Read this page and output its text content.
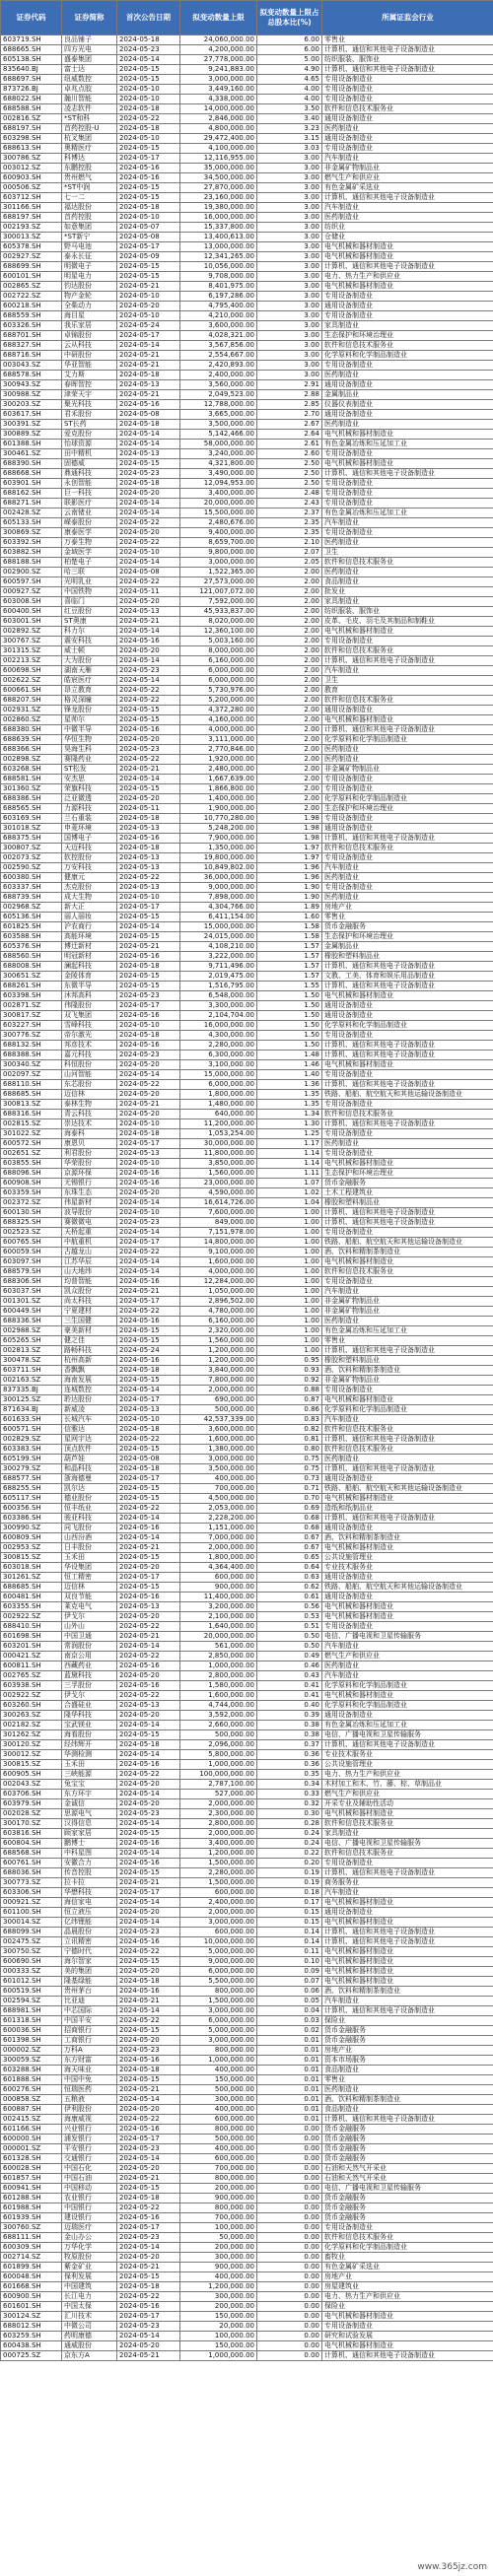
证券代码	证券简称	首次公告日期	拟变动数量上限	拟变动数量上限占总股本比(%)	所属证监会行业
603719.SH	良品铺子	2024-05-18	24,060,000.00	6.00	零售业
688665.SH	四方光电	2024-05-23	4,200,000.00	6.00	计算机、通信和其他电子设备制造业
605138.SH	盛泰集团	2024-05-14	27,778,000.00	5.00	纺织服装、服饰业
835640.BJ	富士达	2024-05-15	9,241,883.00	4.90	计算机、通信和其他电子设备制造业
688697.SH	纽威数控	2024-05-15	3,000,000.00	4.65	专用设备制造业
873726.BJ	卓兆点胶	2024-05-10	3,449,160.00	4.00	专用设备制造业
688022.SH	瀚川智能	2024-05-10	4,338,000.00	4.00	专用设备制造业
688588.SH	凌志软件	2024-05-18	14,000,000.00	3.50	软件和信息技术服务业
002816.SZ	*ST和科	2024-05-22	2,846,000.00	3.40	通用设备制造业
688197.SH	首药控股-U	2024-05-18	4,800,000.00	3.23	医药制造业
603298.SH	杭叉集团	2024-05-10	29,472,400.00	3.15	通用设备制造业
688613.SH	奥精医疗	2024-05-15	4,100,000.00	3.03	专用设备制造业
300786.SZ	科博达	2024-05-17	12,116,955.00	3.00	汽车制造业
003012.SZ	东鹏控股	2024-05-16	35,000,000.00	3.00	非金属矿物制品业
600903.SH	贵州燃气	2024-05-16	34,500,000.00	3.00	燃气生产和供应业
000506.SZ	*ST中润	2024-05-15	27,870,000.00	3.00	有色金属矿采选业
603712.SH	七一二	2024-05-15	23,160,000.00	3.00	计算机、通信和其他电子设备制造业
301166.SH	福达股份	2024-05-18	19,380,000.00	3.00	汽车制造业
688197.SH	首药控股	2024-05-10	16,000,000.00	3.00	医药制造业
002193.SZ	如意集团	2024-05-07	15,337,800.00	3.00	纺织业
300013.SZ	*ST新宁	2024-05-08	13,400,613.00	3.00	仓储业
605378.SH	野马电池	2024-05-17	13,000,000.00	3.00	电气机械和器材制造业
002927.SZ	泰永长征	2024-05-09	12,341,265.00	3.00	电气机械和器材制造业
688699.SH	明微电子	2024-05-15	10,056,000.00	3.00	计算机、通信和其他电子设备制造业
600101.SH	明星电力	2024-05-15	9,708,000.00	3.00	电力、热力生产和供应业
002865.SZ	钧达股份	2024-05-21	8,401,975.00	3.00	电气机械和器材制造业
002722.SZ	物产金轮	2024-05-10	6,197,286.00	3.00	专用设备制造业
600218.SH	全柴动力	2024-05-20	4,795,400.00	3.00	通用设备制造业
688559.SH	海目星	2024-05-10	4,210,000.00	3.00	专用设备制造业
603326.SH	我乐家居	2024-05-24	3,600,000.00	3.00	家具制造业
688701.SH	卓锦股份	2024-05-17	4,028,321.00	3.00	生态保护和环境治理业
688327.SH	云从科技	2024-05-14	3,567,856.00	3.00	软件和信息技术服务业
688716.SH	中研股份	2024-05-21	2,554,667.00	3.00	化学原料和化学制品制造业
003043.SZ	华亚智能	2024-05-21	2,420,893.00	3.00	专用设备制造业
688578.SH	艾力斯	2024-05-18	2,400,000.00	3.00	医药制造业
300943.SZ	春晖智控	2024-05-13	3,560,000.00	2.91	通用设备制造业
300988.SZ	津荣天宇	2024-05-21	2,049,523.00	2.88	金属制品业
300203.SZ	聚光科技	2024-05-16	12,788,000.00	2.85	仪器仪表制造业
603617.SH	君禾股份	2024-05-08	3,665,000.00	2.70	通用设备制造业
300391.SZ	ST长药	2024-05-18	3,500,000.00	2.67	医药制造业
300889.SZ	爱克股份	2024-05-14	5,142,466.00	2.64	电气机械和器材制造业
601388.SH	怡球资源	2024-05-14	58,000,000.00	2.61	有色金属冶炼和压延加工业
300461.SZ	田中精机	2024-05-13	3,240,000.00	2.60	专用设备制造业
688390.SH	固德威	2024-05-15	4,321,800.00	2.50	电气机械和器材制造业
688668.SH	鼎通科技	2024-05-23	3,490,000.00	2.50	计算机、通信和其他电子设备制造业
603901.SH	永创智能	2024-05-18	12,094,953.00	2.50	专用设备制造业
688162.SH	巨一科技	2024-05-20	3,400,000.00	2.48	专用设备制造业
688271.SH	联影医疗	2024-05-14	20,000,000.00	2.43	专用设备制造业
002428.SZ	云南锗业	2024-05-14	15,500,000.00	2.37	有色金属冶炼和压延加工业
605133.SH	嵘泰股份	2024-05-22	2,480,676.00	2.35	汽车制造业
300869.SZ	康泰医学	2024-05-20	9,400,000.00	2.35	专用设备制造业
603392.SH	万泰生物	2024-05-22	8,659,700.00	2.10	医药制造业
603882.SH	金域医学	2024-05-10	9,800,000.00	2.07	卫生
688188.SH	柏楚电子	2024-05-14	3,000,000.00	2.05	软件和信息技术服务业
002900.SZ	哈三联	2024-05-08	1,522,365.00	2.00	医药制造业
600597.SH	光明乳业	2024-05-22	27,573,000.00	2.00	食品制造业
000927.SZ	中国铁物	2024-05-11	121,007,072.00	2.00	批发业
603008.SH	喜临门	2024-05-20	7,592,000.00	2.00	家具制造业
600400.SH	红豆股份	2024-05-13	45,933,837.00	2.00	纺织服装、服饰业
603001.SH	ST奥康	2024-05-21	8,020,000.00	2.00	皮革、毛皮、羽毛及其制品和制鞋业
002892.SZ	科力尔	2024-05-14	12,360,100.00	2.00	电气机械和器材制造业
300767.SZ	震安科技	2024-05-16	5,003,160.00	2.00	专用设备制造业
301315.SZ	威士顿	2024-05-20	8,000,000.00	2.00	软件和信息技术服务业
002213.SZ	大为股份	2024-05-14	6,160,000.00	2.00	计算机、通信和其他电子设备制造业
600698.SH	湖南天雁	2024-05-23	6,000,000.00	2.00	汽车制造业
002622.SZ	皓宸医疗	2024-05-14	6,000,000.00	2.00	卫生
600661.SH	昂立教育	2024-05-22	5,730,976.00	2.00	教育
688207.SH	格灵深瞳	2024-05-22	5,200,000.00	2.00	软件和信息技术服务业
002931.SZ	锋龙股份	2024-05-15	4,372,280.00	2.00	通用设备制造业
002860.SZ	星帅尔	2024-05-15	4,160,000.00	2.00	电气机械和器材制造业
688380.SH	中微半导	2024-05-16	4,000,000.00	2.00	计算机、通信和其他电子设备制造业
688639.SH	华恒生物	2024-05-20	3,111,000.00	2.00	化学原料和化学制品制造业
688366.SH	昊海生科	2024-05-23	2,770,846.00	2.00	医药制造业
002898.SZ	赛隆药业	2024-05-22	1,920,000.00	2.00	医药制造业
603268.SH	ST松发	2024-05-21	2,480,000.00	2.00	非金属矿物制品业
688581.SH	安杰思	2024-05-14	1,667,639.00	2.00	专用设备制造业
301360.SZ	荣旗科技	2024-05-15	1,866,800.00	2.00	专用设备制造业
688386.SH	泛亚微透	2024-05-20	1,400,000.00	2.00	化学原料和化学制品制造业
688565.SH	力源科技	2024-05-11	1,900,000.00	2.00	生态保护和环境治理业
603169.SH	兰石重装	2024-05-18	10,770,280.00	1.98	专用设备制造业
301018.SZ	申菱环境	2024-05-13	5,248,200.00	1.98	通用设备制造业
688375.SH	国博电子	2024-05-16	7,900,000.00	1.98	计算机、通信和其他电子设备制造业
300807.SZ	天迈科技	2024-05-18	1,350,000.00	1.97	软件和信息技术服务业
002073.SZ	软控股份	2024-05-13	19,800,000.00	1.97	专用设备制造业
002590.SZ	万安科技	2024-05-13	10,849,802.00	1.96	汽车制造业
600380.SH	健康元	2024-05-22	36,000,000.00	1.96	医药制造业
603337.SH	杰克股份	2024-05-13	9,000,000.00	1.90	专用设备制造业
688739.SH	成大生物	2024-05-10	7,898,000.00	1.90	医药制造业
002968.SZ	新大正	2024-05-17	4,304,766.00	1.89	房地产业
605136.SH	丽人丽妆	2024-05-15	6,411,154.00	1.60	零售业
601825.SH	沪农商行	2024-05-14	15,000,000.00	1.58	货币金融服务
603588.SH	高能环境	2024-05-15	24,015,000.00	1.58	生态保护和环境治理业
605376.SH	博迁新材	2024-05-21	4,108,210.00	1.57	金属制品业
688560.SH	明冠新材	2024-05-16	3,222,000.00	1.57	橡胶和塑料制品业
688008.SH	澜起科技	2024-05-18	9,711,496.00	1.57	计算机、通信和其他电子设备制造业
300651.SZ	金陵体育	2024-05-15	2,019,475.00	1.57	文教、工美、体育和娱乐用品制造业
688261.SH	东微半导	2024-05-15	1,516,795.00	1.55	计算机、通信和其他电子设备制造业
603398.SH	沐邦高科	2024-05-23	6,548,000.00	1.50	电气机械和器材制造业
002871.SZ	伟隆股份	2024-05-17	3,300,000.00	1.50	通用设备制造业
300817.SZ	双飞集团	2024-05-16	2,104,704.00	1.50	通用设备制造业
603227.SH	雪峰科技	2024-05-10	16,000,000.00	1.50	化学原料和化学制品制造业
300776.SZ	帝尔激光	2024-05-18	4,300,000.00	1.50	专用设备制造业
688132.SH	邦彦技术	2024-05-16	2,280,000.00	1.50	计算机、通信和其他电子设备制造业
688388.SH	嘉元科技	2024-05-23	6,300,000.00	1.48	计算机、通信和其他电子设备制造业
300340.SZ	科恒股份	2024-05-20	3,100,000.00	1.46	电气机械和器材制造业
002097.SZ	山河智能	2024-05-14	15,000,000.00	1.40	专用设备制造业
688110.SH	东芯股份	2024-05-22	6,000,000.00	1.36	计算机、通信和其他电子设备制造业
688685.SH	迈信林	2024-05-20	1,800,000.00	1.35	铁路、船舶、航空航天和其他运输设备制造业
300813.SZ	泰林生物	2024-05-21	1,480,000.00	1.35	专用设备制造业
688316.SH	青云科技	2024-05-20	640,000.00	1.34	软件和信息技术服务业
002815.SZ	崇达技术	2024-05-10	11,200,000.00	1.30	计算机、通信和其他电子设备制造业
301022.SZ	海泰科	2024-05-18	1,053,254.00	1.25	专用设备制造业
600572.SH	康恩贝	2024-05-17	30,000,000.00	1.17	医药制造业
002651.SZ	利君股份	2024-05-13	11,800,000.00	1.14	专用设备制造业
603855.SH	华荣股份	2024-05-10	3,850,000.00	1.14	电气机械和器材制造业
688096.SH	京源环保	2024-05-16	1,560,000.00	1.11	生态保护和环境治理业
600908.SH	无锡银行	2024-05-16	23,000,000.00	1.07	货币金融服务
603359.SH	东珠生态	2024-05-20	4,590,000.00	1.02	土木工程建筑业
002372.SZ	伟星新材	2024-05-14	16,614,726.00	1.04	橡胶和塑料制品业
600130.SH	波导股份	2024-05-10	7,600,000.00	1.00	计算机、通信和其他电子设备制造业
688325.SH	赛微微电	2024-05-23	849,000.00	1.00	计算机、通信和其他电子设备制造业
002523.SZ	天桥起重	2024-05-14	7,151,978.00	1.00	专用设备制造业
600765.SH	中航重机	2024-05-17	14,800,000.00	1.00	铁路、船舶、航空航天和其他运输设备制造业
600059.SH	古越龙山	2024-05-22	9,100,000.00	1.00	酒、饮料和精制茶制造业
603097.SH	江苏华辰	2024-05-14	1,600,000.00	1.00	电气机械和器材制造业
688579.SH	山大地纬	2024-05-14	4,000,000.00	1.00	软件和信息技术服务业
688306.SH	均普智能	2024-05-16	12,284,000.00	1.00	专用设备制造业
603037.SH	凯众股份	2024-05-21	1,050,000.00	1.00	汽车制造业
001301.SZ	尚太科技	2024-05-17	2,896,502.00	1.00	非金属矿物制品业
600449.SH	宁夏建材	2024-05-22	4,780,000.00	1.00	非金属矿物制品业
688336.SH	三生国健	2024-05-16	6,160,000.00	1.00	医药制造业
002988.SZ	豪美新材	2024-05-15	2,320,000.00	1.00	有色金属冶炼和压延加工业
605265.SH	健之佳	2024-05-15	1,560,000.00	1.00	零售业
002813.SZ	路畅科技	2024-05-24	1,200,000.00	1.00	计算机、通信和其他电子设备制造业
300478.SZ	杭州高新	2024-05-16	1,200,000.00	0.95	橡胶和塑料制品业
603711.SH	香飘飘	2024-05-18	3,840,000.00	0.93	酒、饮料和精制茶制造业
002163.SZ	海南发展	2024-05-15	7,800,000.00	0.92	非金属矿物制品业
837335.BJ	连城数控	2024-05-14	2,000,000.00	0.88	专用设备制造业
300125.SZ	聆达股份	2024-05-17	690,000.00	0.87	电气机械和器材制造业
871634.BJ	新威凌	2024-05-13	500,000.00	0.86	化学原料和化学制品制造业
601633.SH	长城汽车	2024-05-10	42,537,339.00	0.83	汽车制造业
600571.SH	信雅达	2024-05-18	3,600,000.00	0.82	软件和信息技术服务业
002829.SZ	星网宇达	2024-05-22	1,600,000.00	0.81	计算机、通信和其他电子设备制造业
603383.SH	顶点软件	2024-05-15	1,380,000.00	0.80	软件和信息技术服务业
605199.SH	葫芦娃	2024-05-08	3,000,000.00	0.75	医药制造业
300279.SZ	和晶科技	2024-05-18	3,500,000.00	0.75	计算机、通信和其他电子设备制造业
688577.SH	浙海德曼	2024-05-17	400,000.00	0.73	通用设备制造业
688255.SH	凯尔达	2024-05-15	700,000.00	0.71	铁路、船舶、航空航天和其他运输设备制造业
605117.SH	德业股份	2024-05-15	4,500,000.00	0.70	电气机械和器材制造业
600356.SH	恒丰纸业	2024-05-22	2,053,000.00	0.69	造纸和纸制品业
603386.SH	骏亚科技	2024-05-14	2,228,200.00	0.68	计算机、通信和其他电子设备制造业
300990.SZ	同飞股份	2024-05-16	1,151,000.00	0.68	通用设备制造业
600809.SH	山西汾酒	2024-05-14	7,000,000.00	0.67	酒、饮料和精制茶制造业
002953.SZ	日丰股份	2024-05-21	2,000,000.00	0.67	电气机械和器材制造业
300815.SZ	玉禾田	2024-05-15	1,800,000.00	0.65	公共设施管理业
603018.SH	华设集团	2024-05-20	4,364,400.00	0.64	专业技术服务业
301261.SZ	恒工精密	2024-05-17	600,000.00	0.63	通用设备制造业
688685.SH	迈信林	2024-05-15	900,000.00	0.62	铁路、船舶、航空航天和其他运输设备制造业
600481.SH	双良节能	2024-05-16	11,400,000.00	0.61	通用设备制造业
603355.SH	莱克电气	2024-05-13	3,200,000.00	0.56	电气机械和器材制造业
002922.SZ	伊戈尔	2024-05-20	2,100,000.00	0.53	电气机械和器材制造业
688410.SH	山外山	2024-05-22	1,640,000.00	0.51	专用设备制造业
601698.SH	中国卫通	2024-05-21	20,000,000.00	0.50	电信、广播电视和卫星传输服务
603201.SH	常润股份	2024-05-14	561,000.00	0.50	汽车制造业
000421.SZ	南京公用	2024-05-22	2,850,000.00	0.49	燃气生产和供应业
600811.SH	西藏药业	2024-05-16	1,000,000.00	0.46	医药制造业
002765.SZ	蓝黛科技	2024-05-20	2,800,000.00	0.43	汽车制造业
603938.SH	三孚股份	2024-05-16	1,580,000.00	0.41	化学原料和化学制品制造业
002922.SZ	伊戈尔	2024-05-22	1,600,000.00	0.41	电气机械和器材制造业
603260.SH	合盛硅业	2024-05-13	4,744,000.00	0.40	化学原料和化学制品制造业
300263.SZ	隆华科技	2024-05-20	3,592,000.00	0.39	通用设备制造业
002182.SZ	宝武镁业	2024-05-14	2,660,000.00	0.38	有色金属冶炼和压延加工业
301262.SZ	海看股份	2024-05-15	500,000.00	0.38	电信、广播电视和卫星传输服务
300120.SZ	经纬辉开	2024-05-18	2,096,000.00	0.37	计算机、通信和其他电子设备制造业
300012.SZ	华测检测	2024-05-14	5,800,000.00	0.36	专业技术服务业
300815.SZ	玉禾田	2024-05-16	1,000,000.00	0.36	公共设施管理业
600905.SH	三峡能源	2024-05-22	100,000,000.00	0.35	电力、热力生产和供应业
002043.SZ	兔宝宝	2024-05-20	2,787,100.00	0.34	木材加工和木、竹、藤、棕、草制品业
603706.SH	东方环宇	2024-05-14	527,000.00	0.33	燃气生产和供应业
603979.SH	金诚信	2024-05-20	2,000,000.00	0.32	开采专业及辅助性活动
002028.SZ	思源电气	2024-05-23	2,300,000.00	0.30	电气机械和器材制造业
300170.SZ	汉得信息	2024-05-14	2,800,000.00	0.28	软件和信息技术服务业
603816.SH	顾家家居	2024-05-15	2,000,000.00	0.24	家具制造业
600804.SH	鹏博士	2024-05-16	3,400,000.00	0.24	电信、广播电视和卫星传输服务
688568.SH	中科星图	2024-05-14	1,200,000.00	0.22	软件和信息技术服务业
600761.SH	安徽合力	2024-05-16	1,500,000.00	0.20	专用设备制造业
688036.SH	传音控股	2024-05-15	2,280,000.00	0.19	计算机、通信和其他电子设备制造业
300773.SZ	拉卡拉	2024-05-21	1,500,000.00	0.19	商务服务业
603306.SH	华懋科技	2024-05-17	600,000.00	0.18	汽车制造业
000921.SZ	海信家电	2024-05-14	2,400,000.00	0.17	电气机械和器材制造业
601100.SH	恒立液压	2024-05-20	2,000,000.00	0.15	通用设备制造业
300014.SZ	亿纬锂能	2024-05-14	3,000,000.00	0.15	电气机械和器材制造业
688099.SH	晶晨股份	2024-05-23	600,000.00	0.14	计算机、通信和其他电子设备制造业
002475.SZ	立讯精密	2024-05-16	10,000,000.00	0.14	计算机、通信和其他电子设备制造业
300750.SZ	宁德时代	2024-05-22	5,000,000.00	0.11	电气机械和器材制造业
600690.SH	海尔智家	2024-05-15	9,000,000.00	0.10	电气机械和器材制造业
000333.SZ	美的集团	2024-05-20	6,000,000.00	0.09	电气机械和器材制造业
601012.SH	隆基绿能	2024-05-18	5,500,000.00	0.07	电气机械和器材制造业
600519.SH	贵州茅台	2024-05-16	800,000.00	0.06	酒、饮料和精制茶制造业
002594.SZ	比亚迪	2024-05-21	1,500,000.00	0.05	汽车制造业
688981.SH	中芯国际	2024-05-14	3,000,000.00	0.04	计算机、通信和其他电子设备制造业
601318.SH	中国平安	2024-05-22	6,000,000.00	0.03	保险业
600036.SH	招商银行	2024-05-15	5,000,000.00	0.02	货币金融服务
601398.SH	工商银行	2024-05-20	3,000,000.00	0.01	货币金融服务
000002.SZ	万科A	2024-05-23	800,000.00	0.01	房地产业
300059.SZ	东方财富	2024-05-16	1,000,000.00	0.01	资本市场服务
603288.SH	海天味业	2024-05-18	400,000.00	0.01	食品制造业
601888.SH	中国中免	2024-05-15	150,000.00	0.01	零售业
600276.SH	恒瑞医药	2024-05-21	500,000.00	0.01	医药制造业
000858.SZ	五粮液	2024-05-14	300,000.00	0.01	酒、饮料和精制茶制造业
600887.SH	伊利股份	2024-05-20	400,000.00	0.01	食品制造业
002415.SZ	海康威视	2024-05-22	600,000.00	0.01	计算机、通信和其他电子设备制造业
601166.SH	兴业银行	2024-05-16	800,000.00	0.00	货币金融服务
600000.SH	浦发银行	2024-05-17	500,000.00	0.00	货币金融服务
000001.SZ	平安银行	2024-05-23	400,000.00	0.00	货币金融服务
601328.SH	交通银行	2024-05-14	600,000.00	0.00	货币金融服务
600028.SH	中国石化	2024-05-20	700,000.00	0.00	石油和天然气开采业
601857.SH	中国石油	2024-05-21	800,000.00	0.00	石油和天然气开采业
600941.SH	中国移动	2024-05-15	200,000.00	0.00	电信、广播电视和卫星传输服务
601288.SH	农业银行	2024-05-18	900,000.00	0.00	货币金融服务
601988.SH	中国银行	2024-05-22	800,000.00	0.00	货币金融服务
601939.SH	建设银行	2024-05-16	700,000.00	0.00	货币金融服务
300760.SZ	迈瑞医疗	2024-05-17	100,000.00	0.00	专用设备制造业
688111.SH	金山办公	2024-05-23	50,000.00	0.00	软件和信息技术服务业
600309.SH	万华化学	2024-05-14	200,000.00	0.00	化学原料和化学制品制造业
002714.SZ	牧原股份	2024-05-20	300,000.00	0.00	畜牧业
601899.SH	紫金矿业	2024-05-21	900,000.00	0.00	有色金属矿采选业
600048.SH	保利发展	2024-05-15	400,000.00	0.00	房地产业
601668.SH	中国建筑	2024-05-18	1,200,000.00	0.00	房屋建筑业
600900.SH	长江电力	2024-05-22	300,000.00	0.00	电力、热力生产和供应业
601601.SH	中国太保	2024-05-16	200,000.00	0.00	保险业
300124.SZ	汇川技术	2024-05-17	150,000.00	0.00	电气机械和器材制造业
688012.SH	中微公司	2024-05-23	20,000.00	0.00	专用设备制造业
603259.SH	药明康德	2024-05-14	100,000.00	0.00	研究和试验发展
600438.SH	通威股份	2024-05-20	150,000.00	0.00	电气机械和器材制造业
000725.SZ	京东方A	2024-05-21	1,000,000.00	0.00	计算机、通信和其他电子设备制造业
www.365jz.com
